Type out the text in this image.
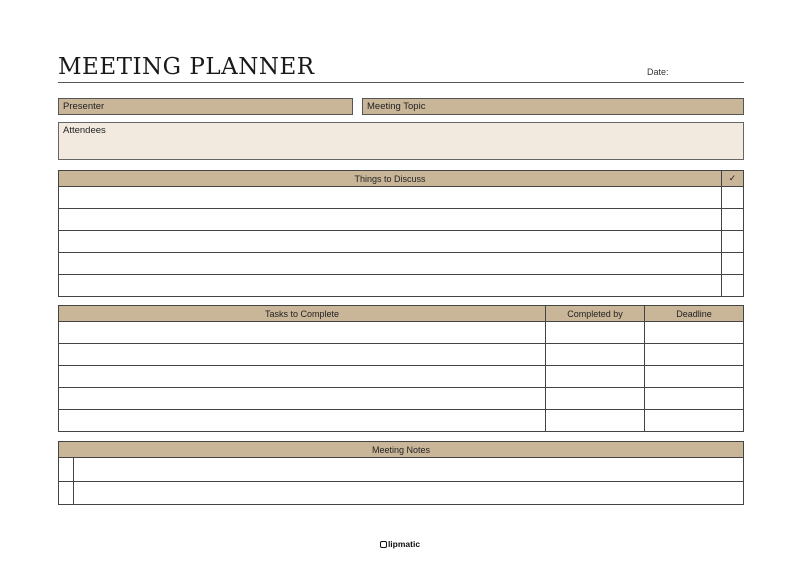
MEETING PLANNER	Date:
Presenter	Meeting Topic
Attendees
Things to Discuss	✓

Tasks to Complete	Completed by	Deadline

Meeting Notes	

lipmatic
